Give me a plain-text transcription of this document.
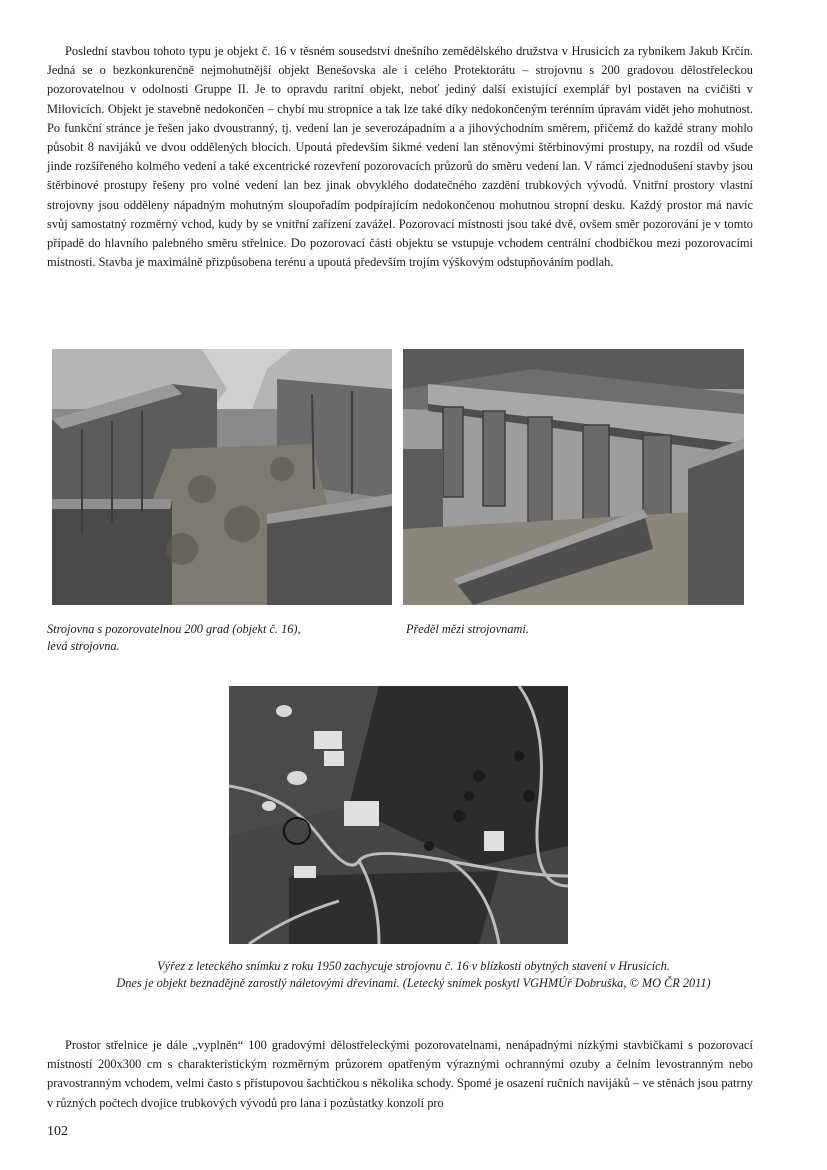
Poslední stavbou tohoto typu je objekt č. 16 v těsném sousedství dnešního zemědělského družstva v Hrusicích za rybníkem Jakub Krčín. Jedná se o bezkonkurenčně nejmohutnější objekt Benešovska ale i celého Protektorátu – strojovnu s 200 gradovou dělostřeleckou pozorovatelnou v odolnosti Gruppe II. Je to opravdu raritní objekt, neboť jediný další existující exemplář byl postaven na cvičišti v Milovicích. Objekt je stavebně nedokončen – chybí mu stropnice a tak lze také díky nedokončeným terénním úpravám vidět jeho mohutnost. Po funkční stránce je řešen jako dvoustranný, tj. vedení lan je severozápadním a a jihovýchodním směrem, přičemž do každé strany mohlo působit 8 navijáků ve dvou oddělených blocích. Upoutá především šikmé vedení lan stěnovými štěrbinovými prostupy, na rozdíl od všude jinde rozšířeného kolmého vedení a také excentrické rozevření pozorovacích průzorů do směru vedení lan. V rámci zjednodušení stavby jsou štěrbinové prostupy řešeny pro volné vedení lan bez jinak obvyklého dodatečného zazdění trubkových vývodů. Vnitřní prostory vlastní strojovny jsou odděleny nápadným mohutným sloupořadím podpírajícím nedokončenou mohutnou stropní desku. Každý prostor má navíc svůj samostatný rozměrný vchod, kudy by se vnitřní zařízení zavážel. Pozorovací místnosti jsou také dvě, ovšem směr pozorování je v tomto případě do hlavního palebného směru střelnice. Do pozorovací části objektu se vstupuje vchodem centrální chodbičkou mezi pozorovacími místnosti. Stavba je maximálně přizpůsobena terénu a upoutá především trojím výškovým odstupňováním podlah.

Strojovna s pozorovatelnou 200 grad (objekt č. 16),
levá strojovna.

Předěl mězi strojovnami.

Výřez z leteckého snímku z roku 1950 zachycuje strojovnu č. 16 v blízkosti obytných stavení v Hrusicích.
Dnes je objekt beznadějně zarostlý náletovými dřevinami. (Letecký snímek poskytl VGHMÚř Dobruška, © MO ČR 2011)

Prostor střelnice je dále „vyplněn“ 100 gradovými dělostřeleckými pozorovatelnami, nenápadnými nízkými stavbičkami s pozorovací místností 200x300 cm s charakteristickým rozměrným průzorem opatřeným výraznými ochrannými ozuby a čelním levostranným nebo pravostranným vchodem, velmi často s přístupovou šachtičkou s několika schody. Spomé je osazení ručních navijáků – ve stěnách jsou patrny v různých počtech dvojice trubkových vývodů pro lana i pozůstatky konzolí pro

102
